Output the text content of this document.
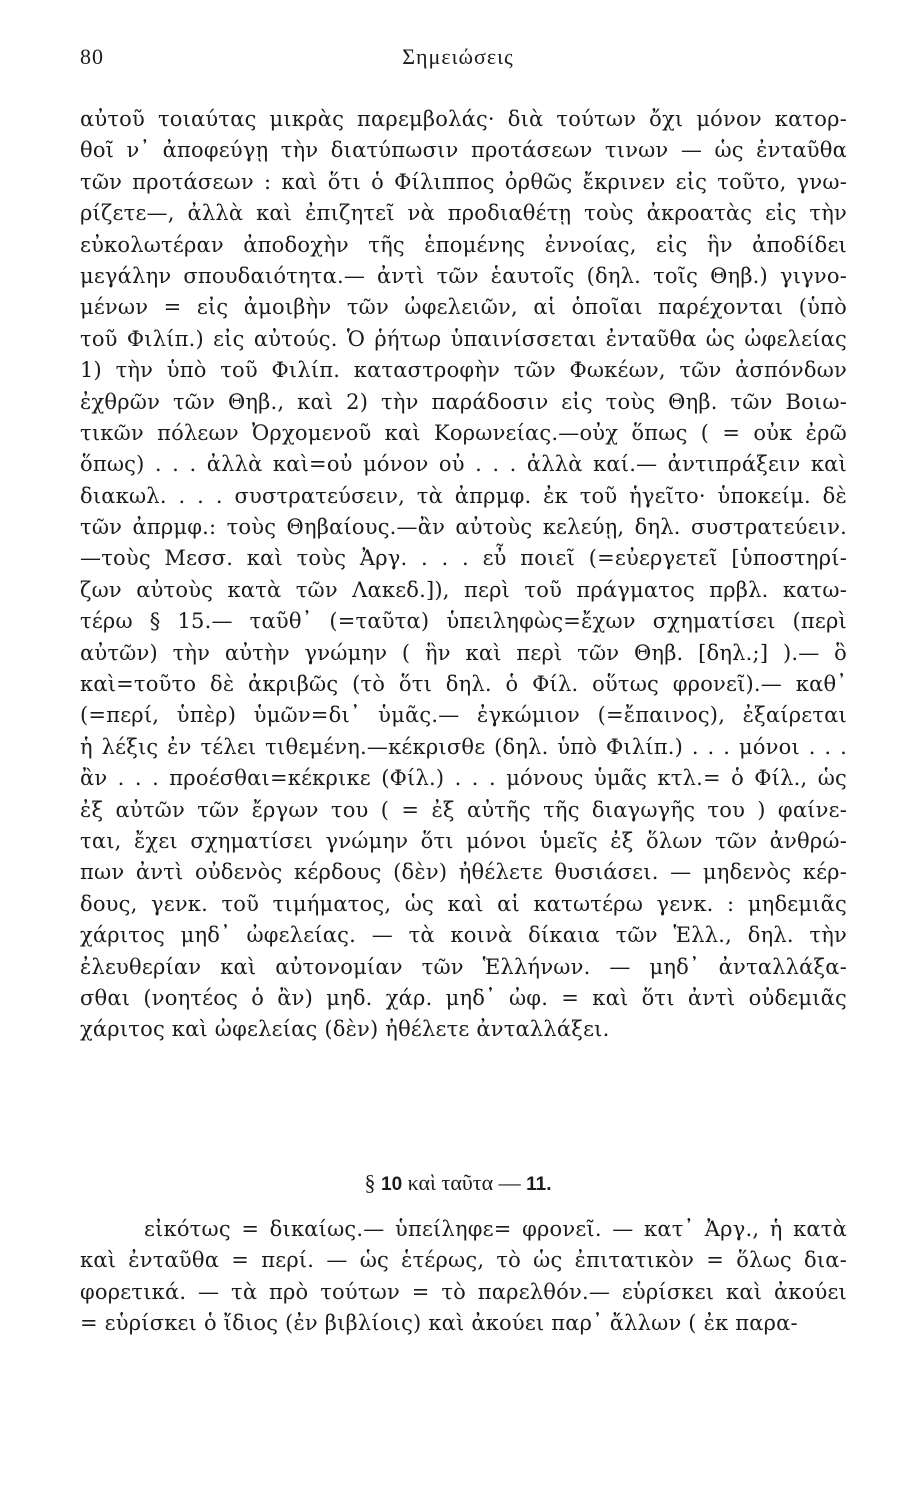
80	Σημειώσεις
αὐτοῦ τοιαύτας μικρὰς παρεμβολάς· διὰ τούτων ὄχι μόνον κατορ-
θοῖ ν᾽ ἀποφεύγῃ τὴν διατύπωσιν προτάσεων τινων — ὡς ἐνταῦθα
τῶν προτάσεων : καὶ ὅτι ὁ Φίλιππος ὀρθῶς ἔκρινεν εἰς τοῦτο, γνω-
ρίζετε—, ἀλλὰ καὶ ἐπιζητεῖ νὰ προδιαθέτῃ τοὺς ἀκροατὰς εἰς τὴν
εὐκολωτέραν ἀποδοχὴν τῆς ἑπομένης ἐννοίας, εἰς ἣν ἀποδίδει
μεγάλην σπουδαιότητα.— ἀντὶ τῶν ἑαυτοῖς (δηλ. τοῖς Θηβ.) γιγνο-
μένων = εἰς ἀμοιβὴν τῶν ὠφελειῶν, αἱ ὁποῖαι παρέχονται (ὑπὸ
τοῦ Φιλίπ.) εἰς αὐτούς. Ὁ ῥήτωρ ὑπαινίσσεται ἐνταῦθα ὡς ὠφελείας
1) τὴν ὑπὸ τοῦ Φιλίπ. καταστροφὴν τῶν Φωκέων, τῶν ἀσπόνδων
ἐχθρῶν τῶν Θηβ., καὶ 2) τὴν παράδοσιν εἰς τοὺς Θηβ. τῶν Βοιω-
τικῶν πόλεων Ὀρχομενοῦ καὶ Κορωνείας.—οὐχ ὅπως ( = οὐκ ἐρῶ
ὅπως) . . . ἀλλὰ καὶ=οὐ μόνον οὐ . . . ἀλλὰ καί.— ἀντιπράξειν καὶ
διακωλ. . . . συστρατεύσειν, τὰ ἀπρμφ. ἐκ τοῦ ἡγεῖτο· ὑποκείμ. δὲ
τῶν ἀπρμφ.: τοὺς Θηβαίους.—ἂν αὐτοὺς κελεύῃ, δηλ. συστρατεύειν.
—τοὺς Μεσσ. καὶ τοὺς Ἀργ. . . . εὖ ποιεῖ (=εὐεργετεῖ [ὑποστηρί-
ζων αὐτοὺς κατὰ τῶν Λακεδ.]), περὶ τοῦ πράγματος πρβλ. κατω-
τέρω § 15.— ταῦθ᾽ (=ταῦτα) ὑπειληφὼς=ἔχων σχηματίσει (περὶ
αὐτῶν) τὴν αὐτὴν γνώμην ( ἣν καὶ περὶ τῶν Θηβ. [δηλ.;] ).— ὃ
καὶ=τοῦτο δὲ ἀκριβῶς (τὸ ὅτι δηλ. ὁ Φίλ. οὕτως φρονεῖ).— καθ᾽
(=περί, ὑπὲρ) ὑμῶν=δι᾽ ὑμᾶς.— ἐγκώμιον (=ἔπαινος), ἐξαίρεται
ἡ λέξις ἐν τέλει τιθεμένη.—κέκρισθε (δηλ. ὑπὸ Φιλίπ.) . . . μόνοι . . .
ἂν . . . προέσθαι=κέκρικε (Φίλ.) . . . μόνους ὑμᾶς κτλ.= ὁ Φίλ., ὡς
ἐξ αὐτῶν τῶν ἔργων του ( = ἐξ αὐτῆς τῆς διαγωγῆς του ) φαίνε-
ται, ἔχει σχηματίσει γνώμην ὅτι μόνοι ὑμεῖς ἐξ ὅλων τῶν ἀνθρώ-
πων ἀντὶ οὐδενὸς κέρδους (δὲν) ἠθέλετε θυσιάσει. — μηδενὸς κέρ-
δους, γενκ. τοῦ τιμήματος, ὡς καὶ αἱ κατωτέρω γενκ. : μηδεμιᾶς
χάριτος μηδ᾽ ὠφελείας. — τὰ κοινὰ δίκαια τῶν Ἑλλ., δηλ. τὴν
ἐλευθερίαν καὶ αὐτονομίαν τῶν Ἑλλήνων. — μηδ᾽ ἀνταλλάξα-
σθαι (νοητέος ὁ ἂν) μηδ. χάρ. μηδ᾽ ὠφ. = καὶ ὅτι ἀντὶ οὐδεμιᾶς
χάριτος καὶ ὠφελείας (δὲν) ἠθέλετε ἀνταλλάξει.
§ 10 καὶ ταῦτα — 11.
εἰκότως = δικαίως.— ὑπείληφε= φρονεῖ. — κατ᾽ Ἀργ., ἡ κατὰ
καὶ ἐνταῦθα = περί. — ὡς ἑτέρως, τὸ ὡς ἐπιτατικὸν = ὅλως δια-
φορετικά. — τὰ πρὸ τούτων = τὸ παρελθόν.— εὑρίσκει καὶ ἀκούει
= εὑρίσκει ὁ ἴδιος (ἐν βιβλίοις) καὶ ἀκούει παρ᾽ ἄλλων ( ἐκ παρα-
